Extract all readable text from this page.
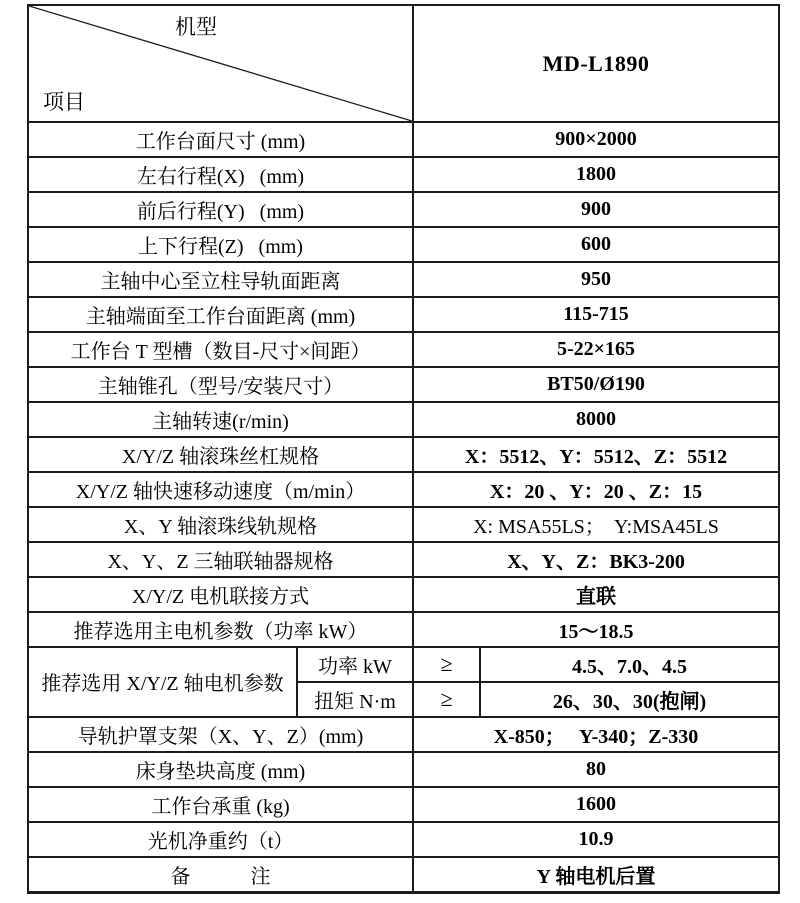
机型

项目		MD-L1890	
工作台面尺寸 (mm)		900×2000	
左右行程(X)   (mm)		1800	
前后行程(Y)   (mm)		900	
上下行程(Z)   (mm)		600	
主轴中心至立柱导轨面距离		950	
主轴端面至工作台面距离 (mm)		115-715	
工作台 T 型槽（数目-尺寸×间距）		5-22×165	
主轴锥孔（型号/安装尺寸）		BT50/Ø190	
主轴转速(r/min)		8000	
X/Y/Z 轴滚珠丝杠规格		X：5512、Y：5512、Z：5512	
X/Y/Z 轴快速移动速度（m/min）		X：20 、Y：20 、Z：15	
X、Y 轴滚珠线轨规格		X: MSA55LS；  Y:MSA45LS	
X、Y、Z 三轴联轴器规格		X、Y、Z：BK3-200	
X/Y/Z 电机联接方式		直联	
推荐选用主电机参数（功率 kW）		15～18.5	
推荐选用 X/Y/Z 轴电机参数	功率 kW	≥	4.5、7.0、4.5
	扭矩 N·m	≥	26、30、30(抱闸)
导轨护罩支架（X、Y、Z）(mm)		X-850；   Y-340；Z-330	
床身垫块高度 (mm)		80	
工作台承重 (kg)		1600	
光机净重约（t）		10.9	
备　　　注		Y 轴电机后置	
